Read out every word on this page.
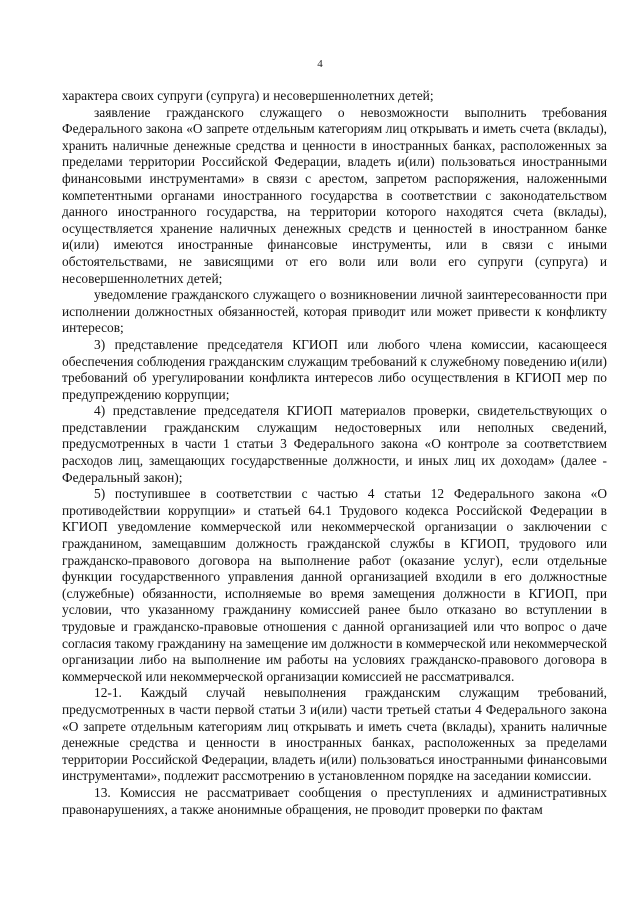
4

характера своих супруги (супруга) и несовершеннолетних детей;

заявление гражданского служащего о невозможности выполнить требования Федерального закона «О запрете отдельным категориям лиц открывать и иметь счета (вклады), хранить наличные денежные средства и ценности в иностранных банках, расположенных за пределами территории Российской Федерации, владеть и(или) пользоваться иностранными финансовыми инструментами» в связи с арестом, запретом распоряжения, наложенными компетентными органами иностранного государства в соответствии с законодательством данного иностранного государства, на территории которого находятся счета (вклады), осуществляется хранение наличных денежных средств и ценностей в иностранном банке и(или) имеются иностранные финансовые инструменты, или в связи с иными обстоятельствами, не зависящими от его воли или воли его супруги (супруга) и несовершеннолетних детей;

уведомление гражданского служащего о возникновении личной заинтересованности при исполнении должностных обязанностей, которая приводит или может привести к конфликту интересов;

3) представление председателя КГИОП или любого члена комиссии, касающееся обеспечения соблюдения гражданским служащим требований к служебному поведению и(или) требований об урегулировании конфликта интересов либо осуществления в КГИОП мер по предупреждению коррупции;

4) представление председателя КГИОП материалов проверки, свидетельствующих о представлении гражданским служащим недостоверных или неполных сведений, предусмотренных в части 1 статьи 3 Федерального закона «О контроле за соответствием расходов лиц, замещающих государственные должности, и иных лиц их доходам» (далее - Федеральный закон);

5) поступившее в соответствии с частью 4 статьи 12 Федерального закона «О противодействии коррупции» и статьей 64.1 Трудового кодекса Российской Федерации в КГИОП уведомление коммерческой или некоммерческой организации о заключении с гражданином, замещавшим должность гражданской службы в КГИОП, трудового или гражданско-правового договора на выполнение работ (оказание услуг), если отдельные функции государственного управления данной организацией входили в его должностные (служебные) обязанности, исполняемые во время замещения должности в КГИОП, при условии, что указанному гражданину комиссией ранее было отказано во вступлении в трудовые и гражданско-правовые отношения с данной организацией или что вопрос о даче согласия такому гражданину на замещение им должности в коммерческой или некоммерческой организации либо на выполнение им работы на условиях гражданско-правового договора в коммерческой или некоммерческой организации комиссией не рассматривался.

12-1. Каждый случай невыполнения гражданским служащим требований, предусмотренных в части первой статьи 3 и(или) части третьей статьи 4 Федерального закона «О запрете отдельным категориям лиц открывать и иметь счета (вклады), хранить наличные денежные средства и ценности в иностранных банках, расположенных за пределами территории Российской Федерации, владеть и(или) пользоваться иностранными финансовыми инструментами», подлежит рассмотрению в установленном порядке на заседании комиссии.

13. Комиссия не рассматривает сообщения о преступлениях и административных правонарушениях, а также анонимные обращения, не проводит проверки по фактам
